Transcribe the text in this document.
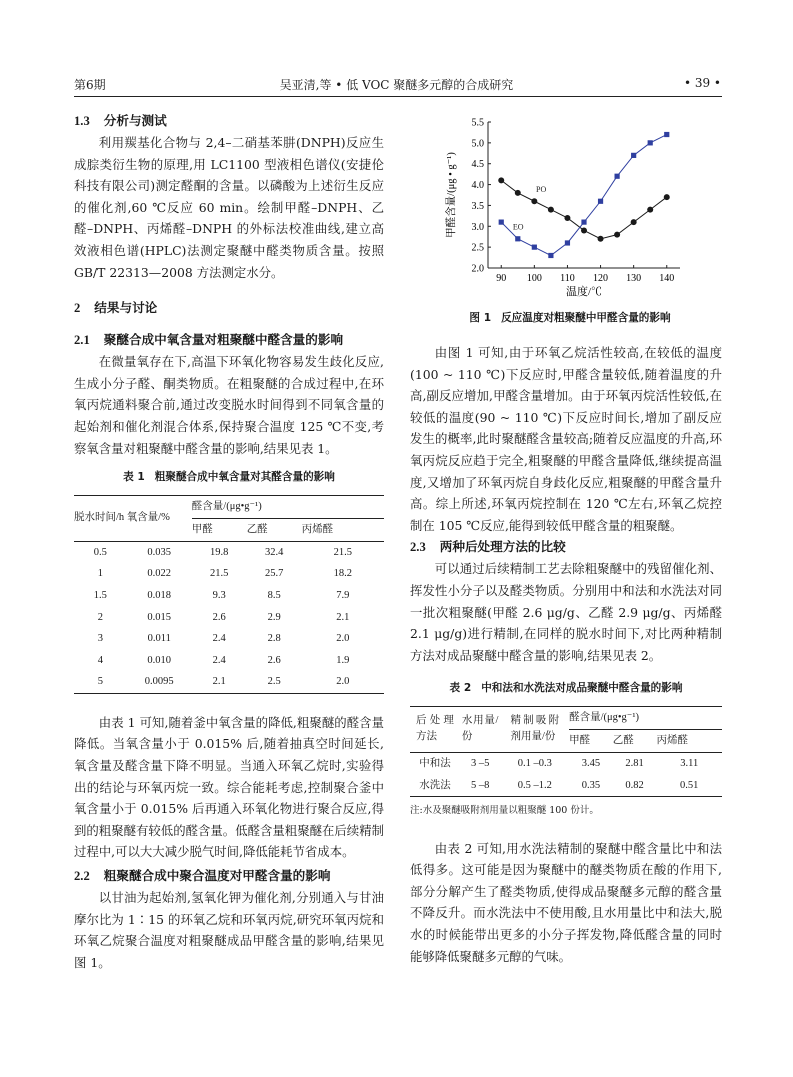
第6期	吴亚清,等 • 低 VOC 聚醚多元醇的合成研究	• 39 •
1.3 分析与测试

利用羰基化合物与 2,4–二硝基苯肼(DNPH)反应生成腙类衍生物的原理,用 LC1100 型液相色谱仪(安捷伦科技有限公司)测定醛酮的含量。以磷酸为上述衍生反应的催化剂,60 ℃反应 60 min。绘制甲醛–DNPH、乙醛–DNPH、丙烯醛–DNPH 的外标法校准曲线,建立高效液相色谱(HPLC)法测定聚醚中醛类物质含量。按照 GB/T 22313—2008 方法测定水分。

2 结果与讨论
2.1 聚醚合成中氧含量对粗聚醚中醛含量的影响

在微量氧存在下,高温下环氧化物容易发生歧化反应,生成小分子醛、酮类物质。在粗聚醚的合成过程中,在环氧丙烷通料聚合前,通过改变脱水时间得到不同氧含量的起始剂和催化剂混合体系,保持聚合温度 125 ℃不变,考察氧含量对粗聚醚中醛含量的影响,结果见表 1。

表 1 粗聚醚合成中氧含量对其醛含量的影响
脱水时间/h	氧含量/%	醛含量/(μg•g⁻¹)		
		甲醛	乙醛	丙烯醛
0.5	0.035	19.8	32.4	21.5
1	0.022	21.5	25.7	18.2
1.5	0.018	9.3	8.5	7.9
2	0.015	2.6	2.9	2.1
3	0.011	2.4	2.8	2.0
4	0.010	2.4	2.6	1.9
5	0.0095	2.1	2.5	2.0

由表 1 可知,随着釜中氧含量的降低,粗聚醚的醛含量降低。当氧含量小于 0.015% 后,随着抽真空时间延长,氧含量及醛含量下降不明显。当通入环氧乙烷时,实验得出的结论与环氧丙烷一致。综合能耗考虑,控制聚合釜中氧含量小于 0.015% 后再通入环氧化物进行聚合反应,得到的粗聚醚有较低的醛含量。低醛含量粗聚醚在后续精制过程中,可以大大减少脱气时间,降低能耗节省成本。

2.2 粗聚醚合成中聚合温度对甲醛含量的影响

以甘油为起始剂,氢氧化钾为催化剂,分别通入与甘油摩尔比为 1∶15 的环氧乙烷和环氧丙烷,研究环氧丙烷和环氧乙烷聚合温度对粗聚醚成品甲醛含量的影响,结果见图 1。

2.0
2.5
3.0
3.5
4.0
4.5
5.0
5.5
90 100 110 120 130 140
PO
EO
温度/℃
甲醛含量/(μg • g⁻¹)
图 1 反应温度对粗聚醚中甲醛含量的影响

由图 1 可知,由于环氧乙烷活性较高,在较低的温度(100 ~ 110 ℃)下反应时,甲醛含量较低,随着温度的升高,副反应增加,甲醛含量增加。由于环氧丙烷活性较低,在较低的温度(90 ~ 110 ℃)下反应时间长,增加了副反应发生的概率,此时聚醚醛含量较高;随着反应温度的升高,环氧丙烷反应趋于完全,粗聚醚的甲醛含量降低,继续提高温度,又增加了环氧丙烷自身歧化反应,粗聚醚的甲醛含量升高。综上所述,环氧丙烷控制在 120 ℃左右,环氧乙烷控制在 105 ℃反应,能得到较低甲醛含量的粗聚醚。

2.3 两种后处理方法的比较

可以通过后续精制工艺去除粗聚醚中的残留催化剂、挥发性小分子以及醛类物质。分别用中和法和水洗法对同一批次粗聚醚(甲醛 2.6 μg/g、乙醛 2.9 μg/g、丙烯醛 2.1 μg/g)进行精制,在同样的脱水时间下,对比两种精制方法对成品聚醚中醛含量的影响,结果见表 2。

表 2 中和法和水洗法对成品聚醚中醛含量的影响
后处理方法	水用量/份	精制吸附剂用量/份	醛含量/(μg•g⁻¹)		
			甲醛	乙醛	丙烯醛
中和法	3 –5	0.1 –0.3	3.45	2.81	3.11
水洗法	5 –8	0.5 –1.2	0.35	0.82	0.51
注:水及聚醚吸附剂用量以粗聚醚 100 份计。

由表 2 可知,用水洗法精制的聚醚中醛含量比中和法低得多。这可能是因为聚醚中的醚类物质在酸的作用下,部分分解产生了醛类物质,使得成品聚醚多元醇的醛含量不降反升。而水洗法中不使用酸,且水用量比中和法大,脱水的时候能带出更多的小分子挥发物,降低醛含量的同时能够降低聚醚多元醇的气味。
